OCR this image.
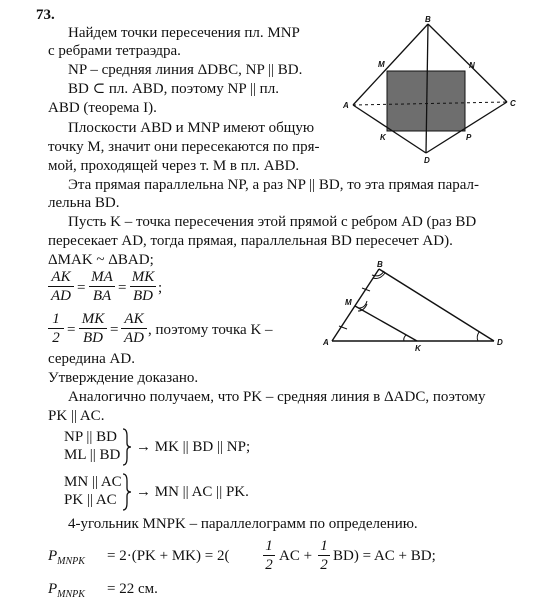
73.
Найдем точки пересечения пл. MNP
с ребрами тетраэдра.
NP – средняя линия ΔDBC, NP || BD.
BD ⊂ пл. ABD, поэтому NP || пл.
ABD (теорема I).
Плоскости ABD и MNP имеют общую
точку M, значит они пересекаются по пря-
мой, проходящей через т. M в пл. ABD.
Эта прямая параллельна NP, а раз NP || BD, то эта прямая парал-
лельна BD.
Пусть K – точка пересечения этой прямой с ребром AD (раз BD
пересекает AD, тогда прямая, параллельная BD пересечет AD).
ΔMAK ~ ΔBAD;
AK
AD =
MA
BA =
MK
BD ;
1
2 =
MK
BD =
AK
AD , поэтому точка K –
середина AD.
Утверждение доказано.
Аналогично получаем, что PK – средняя линия в ΔADC, поэтому
PK || AC.
NP || BD
ML || BD → MK || BD || NP;
MN || AC
PK || AC → MN || AC || PK.
4-угольник MNPK – параллелограмм по определению.
$P_{MNPK} = 2\cdot(PK + MK) = 2$(
1
2
AC +
1
2
BD) = AC + BD;
$P_{MNPK} = 22$ см.
B
A	C
D
M	N
K	P
B
M
A
K
D
